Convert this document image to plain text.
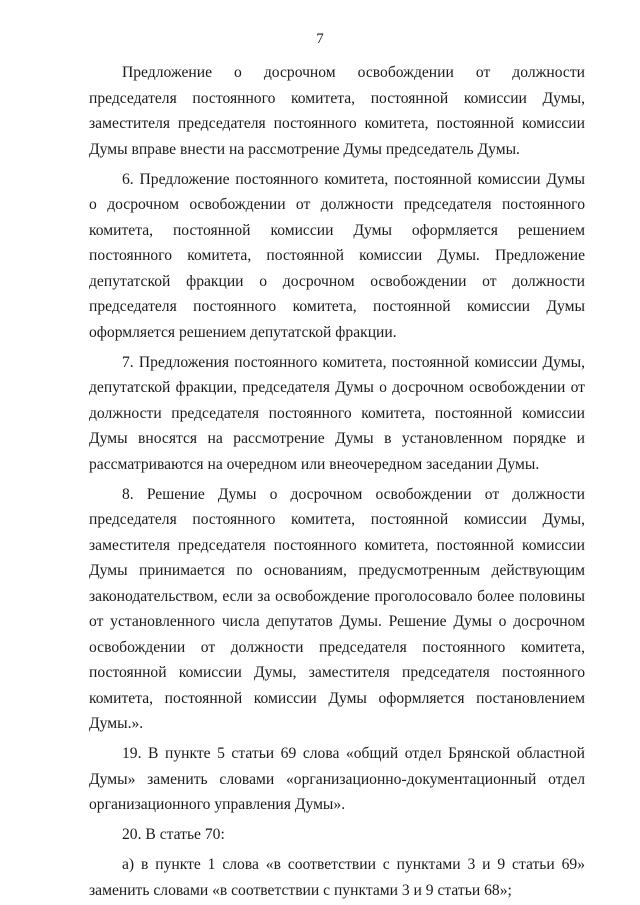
7

Предложение о досрочном освобождении от должности председателя постоянного комитета, постоянной комиссии Думы, заместителя председателя постоянного комитета, постоянной комиссии Думы вправе внести на рассмотрение Думы председатель Думы.

6. Предложение постоянного комитета, постоянной комиссии Думы о досрочном освобождении от должности председателя постоянного комитета, постоянной комиссии Думы оформляется решением постоянного комитета, постоянной комиссии Думы. Предложение депутатской фракции о досрочном освобождении от должности председателя постоянного комитета, постоянной комиссии Думы оформляется решением депутатской фракции.

7. Предложения постоянного комитета, постоянной комиссии Думы, депутатской фракции, председателя Думы о досрочном освобождении от должности председателя постоянного комитета, постоянной комиссии Думы вносятся на рассмотрение Думы в установленном порядке и рассматриваются на очередном или внеочередном заседании Думы.

8. Решение Думы о досрочном освобождении от должности председателя постоянного комитета, постоянной комиссии Думы, заместителя председателя постоянного комитета, постоянной комиссии Думы принимается по основаниям, предусмотренным действующим законодательством, если за освобождение проголосовало более половины от установленного числа депутатов Думы. Решение Думы о досрочном освобождении от должности председателя постоянного комитета, постоянной комиссии Думы, заместителя председателя постоянного комитета, постоянной комиссии Думы оформляется постановлением Думы.».

19. В пункте 5 статьи 69 слова «общий отдел Брянской областной Думы» заменить словами «организационно-документационный отдел организационного управления Думы».

20. В статье 70:

а) в пункте 1 слова «в соответствии с пунктами 3 и 9 статьи 69» заменить словами «в соответствии с пунктами 3 и 9 статьи 68»;
